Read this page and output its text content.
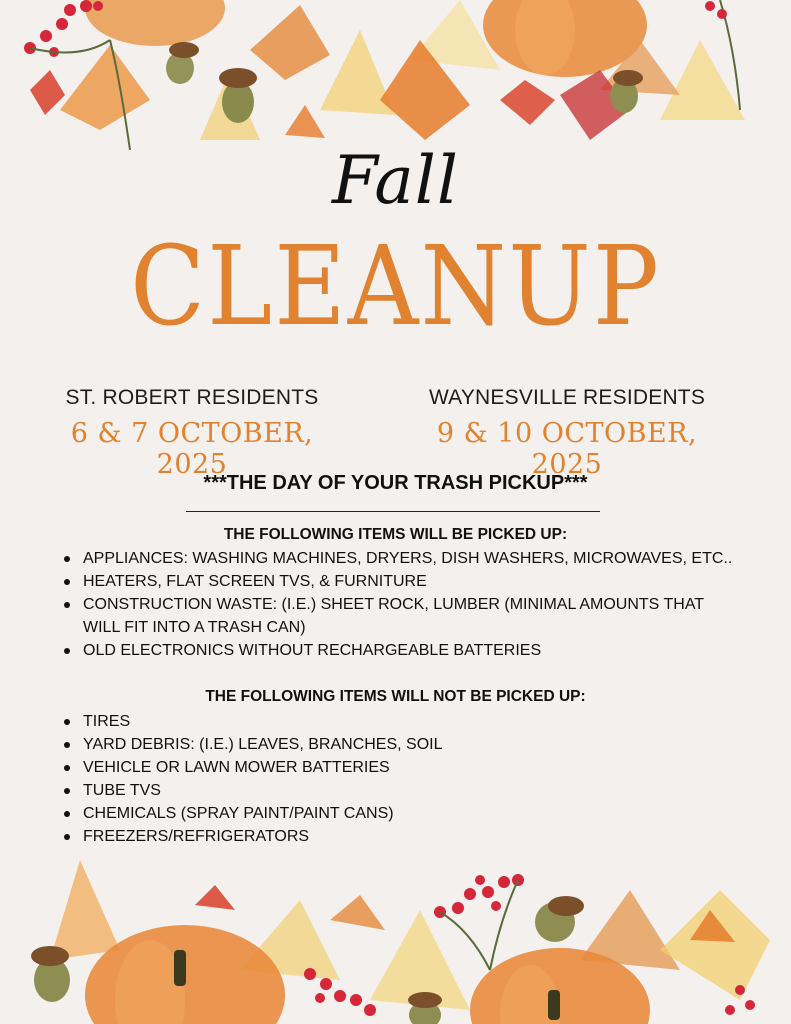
Fall
CLEANUP
ST. ROBERT RESIDENTS
6 & 7 OCTOBER, 2025
WAYNESVILLE RESIDENTS
9 & 10 OCTOBER, 2025
***THE DAY OF YOUR TRASH PICKUP***
THE FOLLOWING ITEMS WILL BE PICKED UP:
APPLIANCES: WASHING MACHINES, DRYERS, DISH WASHERS, MICROWAVES, ETC..
HEATERS, FLAT SCREEN TVS, & FURNITURE
CONSTRUCTION WASTE: (I.E.) SHEET ROCK, LUMBER (MINIMAL AMOUNTS THAT WILL FIT INTO A TRASH CAN)
OLD ELECTRONICS WITHOUT RECHARGEABLE BATTERIES
THE FOLLOWING ITEMS WILL NOT BE PICKED UP:
TIRES
YARD DEBRIS: (I.E.) LEAVES, BRANCHES, SOIL
VEHICLE OR LAWN MOWER BATTERIES
TUBE TVS
CHEMICALS (SPRAY PAINT/PAINT CANS)
FREEZERS/REFRIGERATORS
